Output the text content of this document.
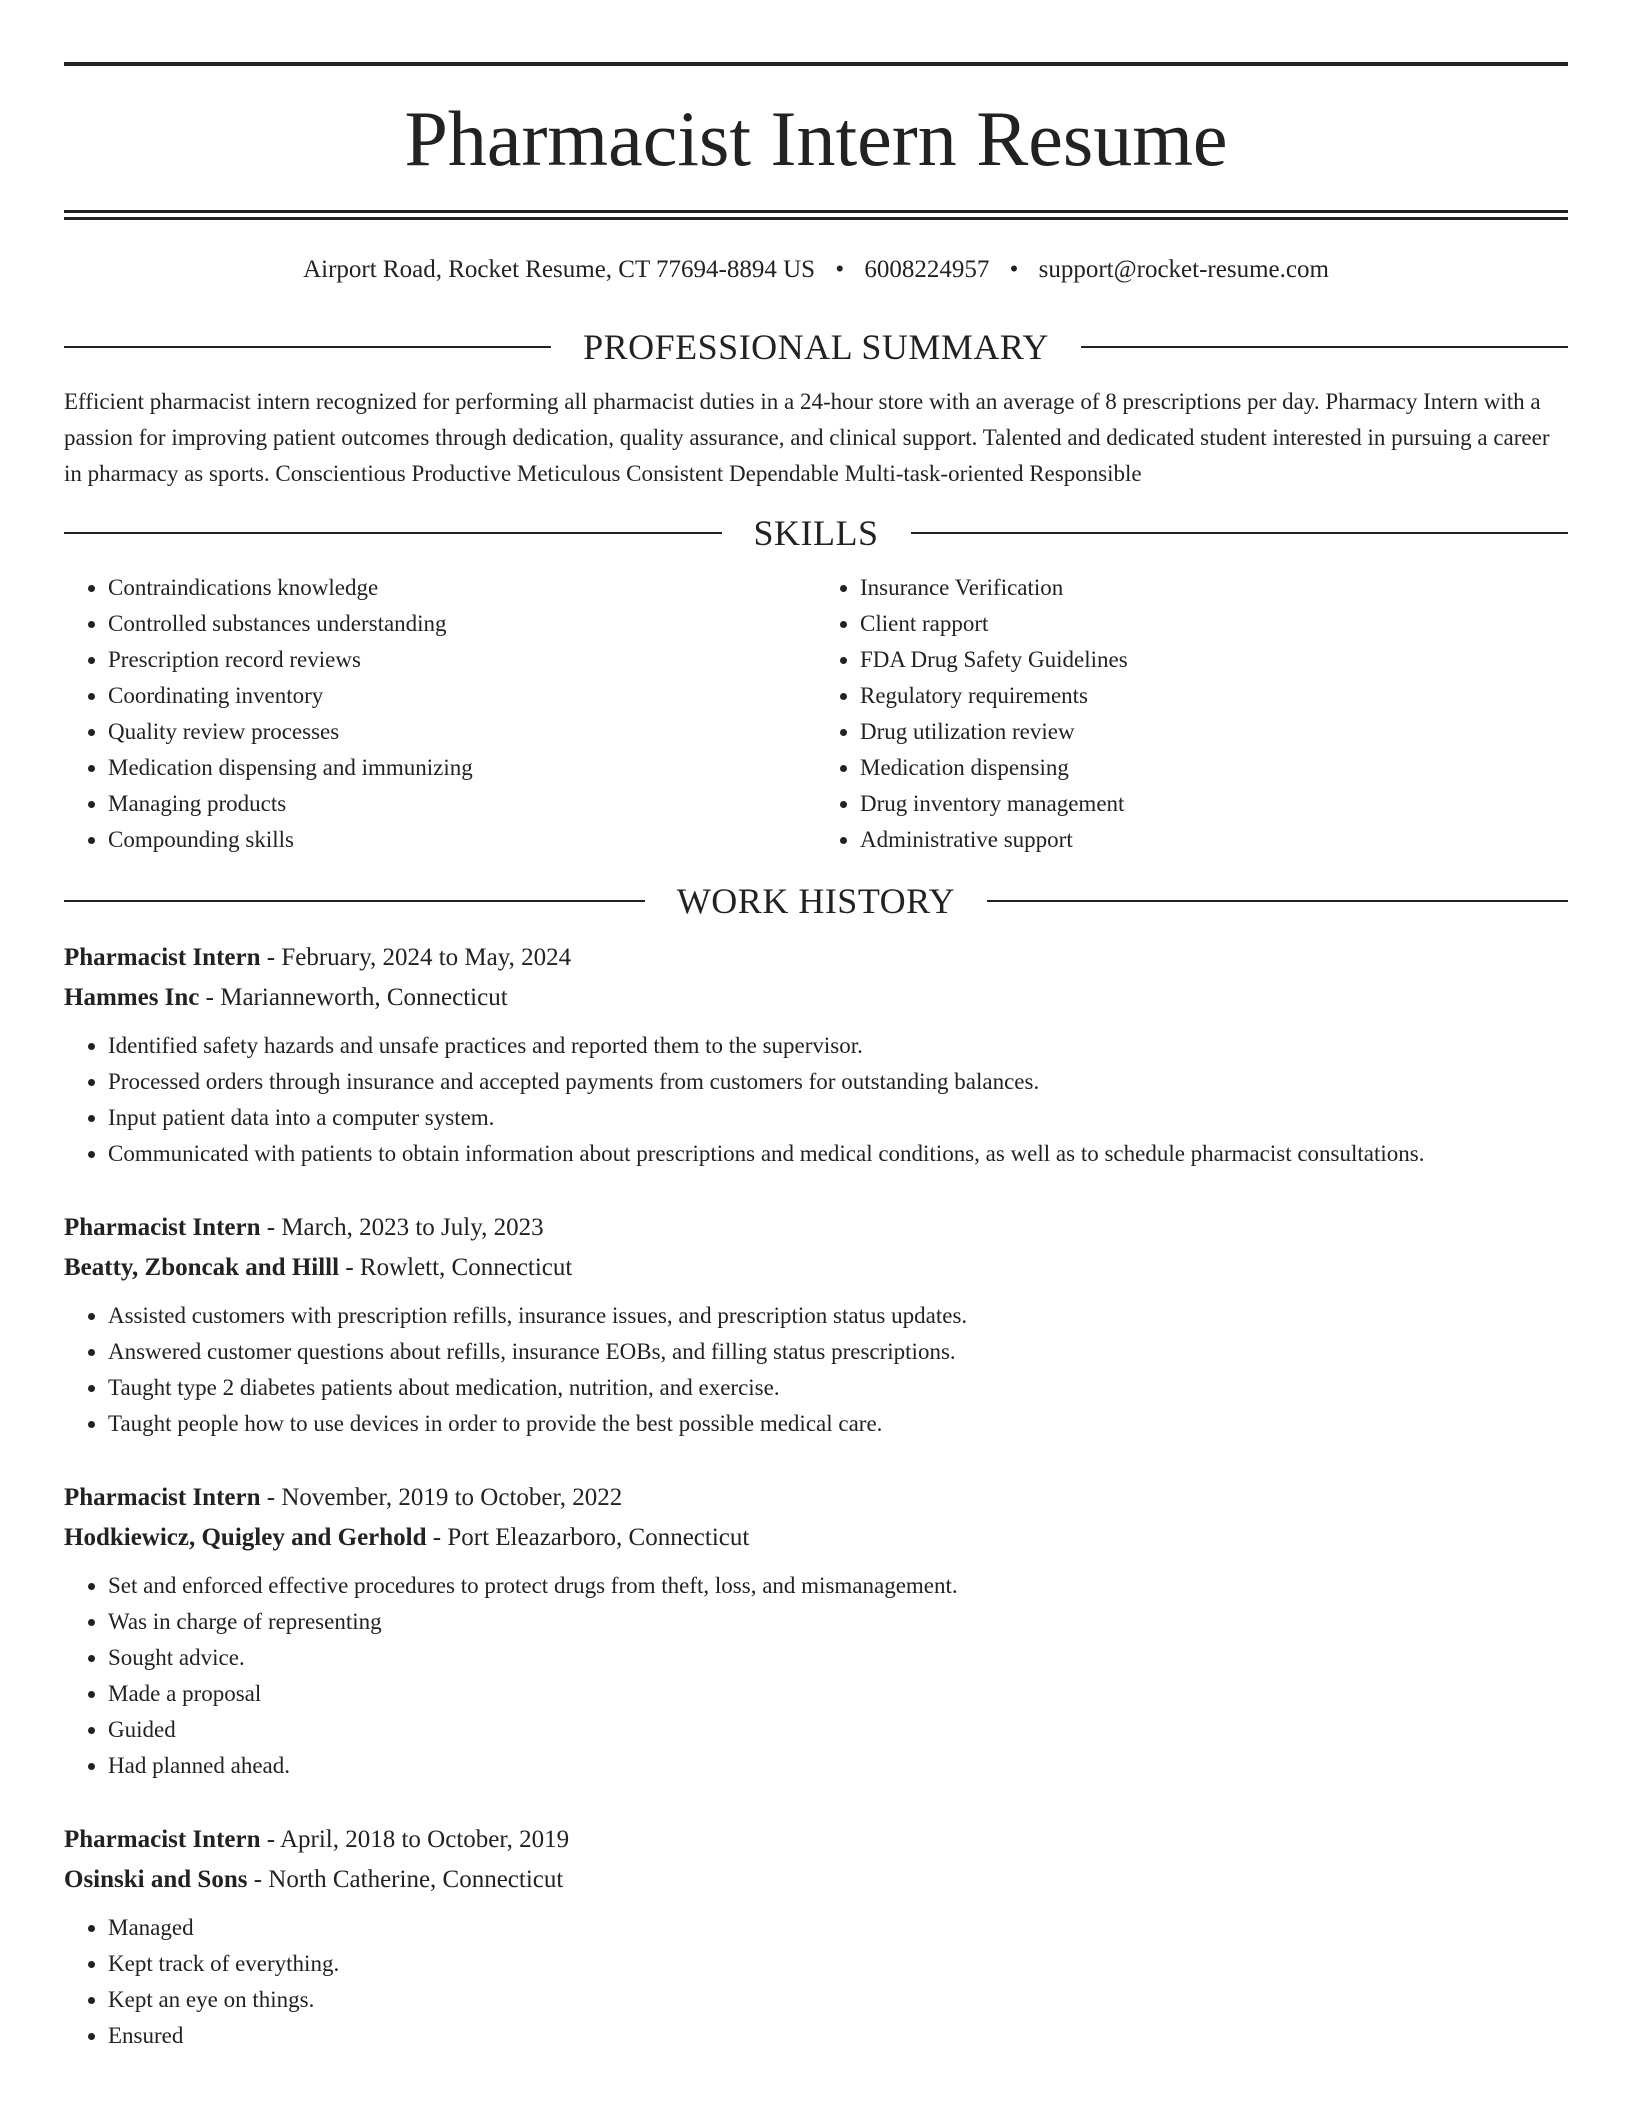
Pharmacist Intern Resume
Airport Road, Rocket Resume, CT 77694-8894 US • 6008224957 • support@rocket-resume.com
PROFESSIONAL SUMMARY

Efficient pharmacist intern recognized for performing all pharmacist duties in a 24-hour store with an average of 8 prescriptions per day. Pharmacy Intern with a passion for improving patient outcomes through dedication, quality assurance, and clinical support. Talented and dedicated student interested in pursuing a career in pharmacy as sports. Conscientious Productive Meticulous Consistent Dependable Multi-task-oriented Responsible

SKILLS
• Contraindications knowledge
• Controlled substances understanding
• Prescription record reviews
• Coordinating inventory
• Quality review processes
• Medication dispensing and immunizing
• Managing products
• Compounding skills
• Insurance Verification
• Client rapport
• FDA Drug Safety Guidelines
• Regulatory requirements
• Drug utilization review
• Medication dispensing
• Drug inventory management
• Administrative support
WORK HISTORY
Pharmacist Intern - February, 2024 to May, 2024
Hammes Inc - Marianneworth, Connecticut
• Identified safety hazards and unsafe practices and reported them to the supervisor.
• Processed orders through insurance and accepted payments from customers for outstanding balances.
• Input patient data into a computer system.
• Communicated with patients to obtain information about prescriptions and medical conditions, as well as to schedule pharmacist consultations.
Pharmacist Intern - March, 2023 to July, 2023
Beatty, Zboncak and Hilll - Rowlett, Connecticut
• Assisted customers with prescription refills, insurance issues, and prescription status updates.
• Answered customer questions about refills, insurance EOBs, and filling status prescriptions.
• Taught type 2 diabetes patients about medication, nutrition, and exercise.
• Taught people how to use devices in order to provide the best possible medical care.
Pharmacist Intern - November, 2019 to October, 2022
Hodkiewicz, Quigley and Gerhold - Port Eleazarboro, Connecticut
• Set and enforced effective procedures to protect drugs from theft, loss, and mismanagement.
• Was in charge of representing
• Sought advice.
• Made a proposal
• Guided
• Had planned ahead.
Pharmacist Intern - April, 2018 to October, 2019
Osinski and Sons - North Catherine, Connecticut
• Managed
• Kept track of everything.
• Kept an eye on things.
• Ensured
